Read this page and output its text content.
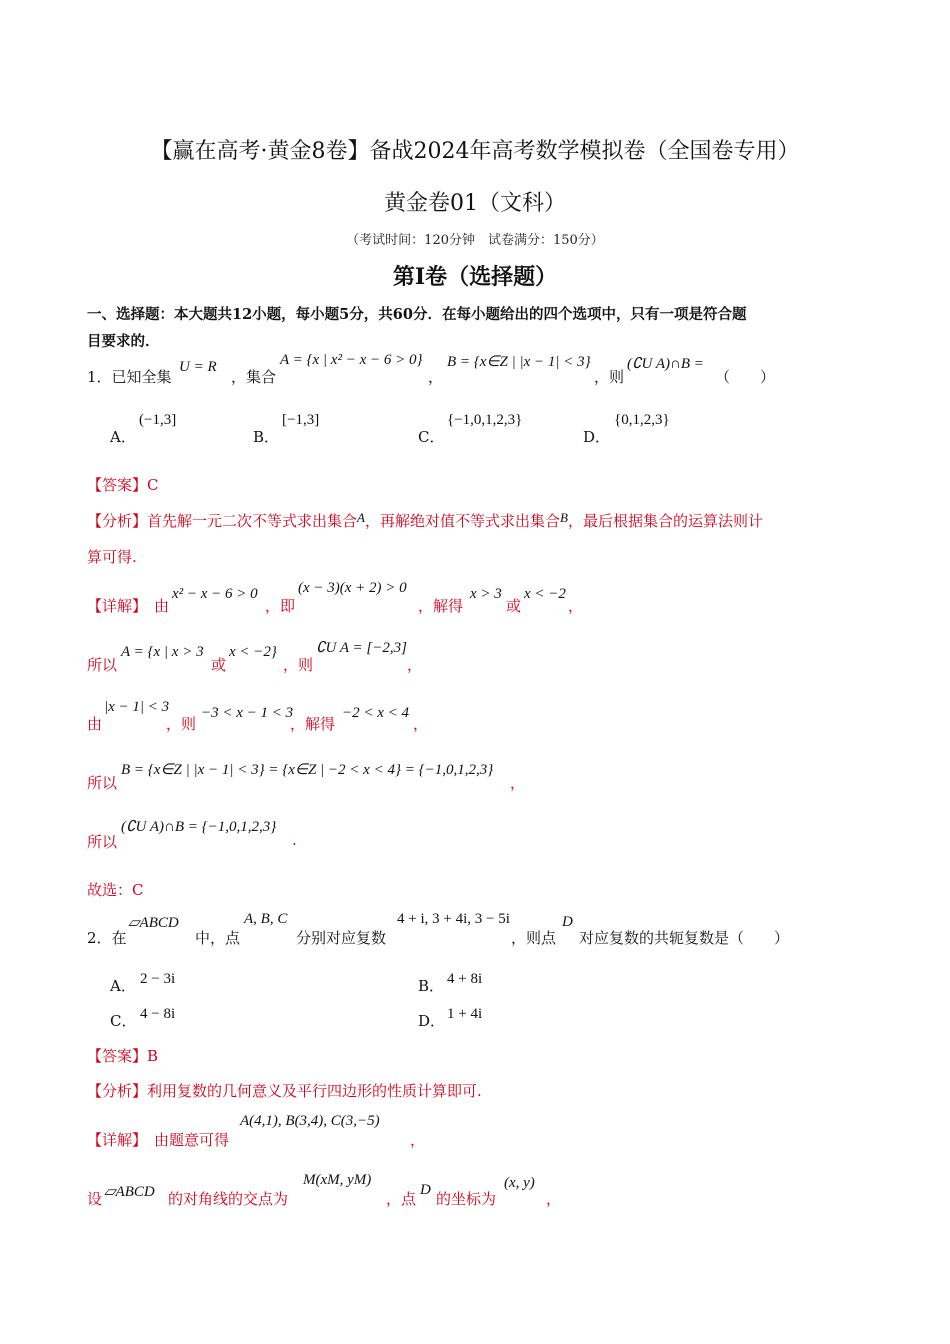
【赢在高考·黄金8卷】备战2024年高考数学模拟卷（全国卷专用）
黄金卷01（文科）
（考试时间：120分钟　试卷满分：150分）
第I卷（选择题）
一、选择题：本大题共12小题，每小题5分，共60分．在每小题给出的四个选项中，只有一项是符合题
目要求的．
1．已知全集
U = R
，集合
A = {x | x² − x − 6 > 0}
，
B = {x∈Z | |x − 1| < 3}
，则
(∁U A)∩B =
（　　）
A．
(−1,3]
B．
[−1,3]
C．
{−1,0,1,2,3}
D．
{0,1,2,3}
【答案】C
【分析】首先解一元二次不等式求出集合A，再解绝对值不等式求出集合B，最后根据集合的运算法则计
算可得.
【详解】 由
x² − x − 6 > 0
，即
(x − 3)(x + 2) > 0
，解得
x > 3
或
x < −2
，
所以
A = {x | x > 3
或
x < −2}
，则
∁U A = [−2,3]
，
由
|x − 1| < 3
，则
−3 < x − 1 < 3
，解得
−2 < x < 4
，
所以
B = {x∈Z | |x − 1| < 3} = {x∈Z | −2 < x < 4} = {−1,0,1,2,3}
，
所以
(∁U A)∩B = {−1,0,1,2,3}
.
故选：C
2．在
▱ABCD
中，点
A, B, C
分别对应复数
4 + i, 3 + 4i, 3 − 5i
，则点
D
对应复数的共轭复数是（　　）
A． 2 − 3i	B． 4 + 8i
C． 4 − 8i	D． 1 + 4i
【答案】B
【分析】利用复数的几何意义及平行四边形的性质计算即可.
【详解】 由题意可得
A(4,1), B(3,4), C(3,−5)
，
设 ▱ABCD 的对角线的交点为
M(xM, yM)
，点 D 的坐标为
(x, y)
，
